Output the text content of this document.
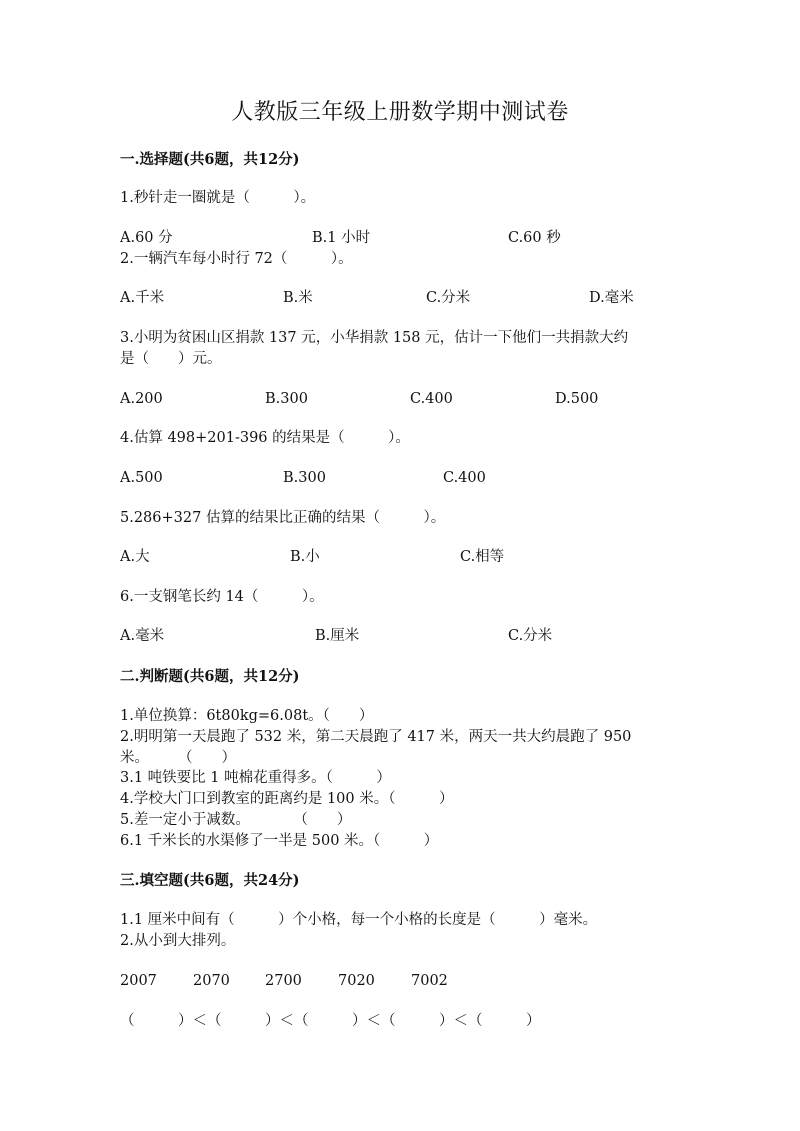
人教版三年级上册数学期中测试卷
一.选择题(共6题，共12分)
1.秒针走一圈就是（　　　）。
A.60 分	B.1 小时	C.60 秒
2.一辆汽车每小时行 72（　　　）。
A.千米	B.米	C.分米	D.毫米
3.小明为贫困山区捐款 137 元，小华捐款 158 元，估计一下他们一共捐款大约
是（　　）元。
A.200	B.300	C.400	D.500
4.估算 498+201-396 的结果是（　　　）。
A.500	B.300	C.400
5.286+327 估算的结果比正确的结果（　　　）。
A.大	B.小	C.相等
6.一支钢笔长约 14（　　　）。
A.毫米	B.厘米	C.分米
二.判断题(共6题，共12分)
1.单位换算：6t80kg=6.08t。（　　）
2.明明第一天晨跑了 532 米，第二天晨跑了 417 米，两天一共大约晨跑了 950
米。　　　（　　）
3.1 吨铁要比 1 吨棉花重得多。（　　　）
4.学校大门口到教室的距离约是 100 米。（　　　）
5.差一定小于减数。　　　　（　　）
6.1 千米长的水渠修了一半是 500 米。（　　　）
三.填空题(共6题，共24分)
1.1 厘米中间有（　　　）个小格，每一个小格的长度是（　　　）毫米。
2.从小到大排列。
2007 2070 2700 7020 7002
（　　　）＜（　　　）＜（　　　）＜（　　　）＜（　　　）
